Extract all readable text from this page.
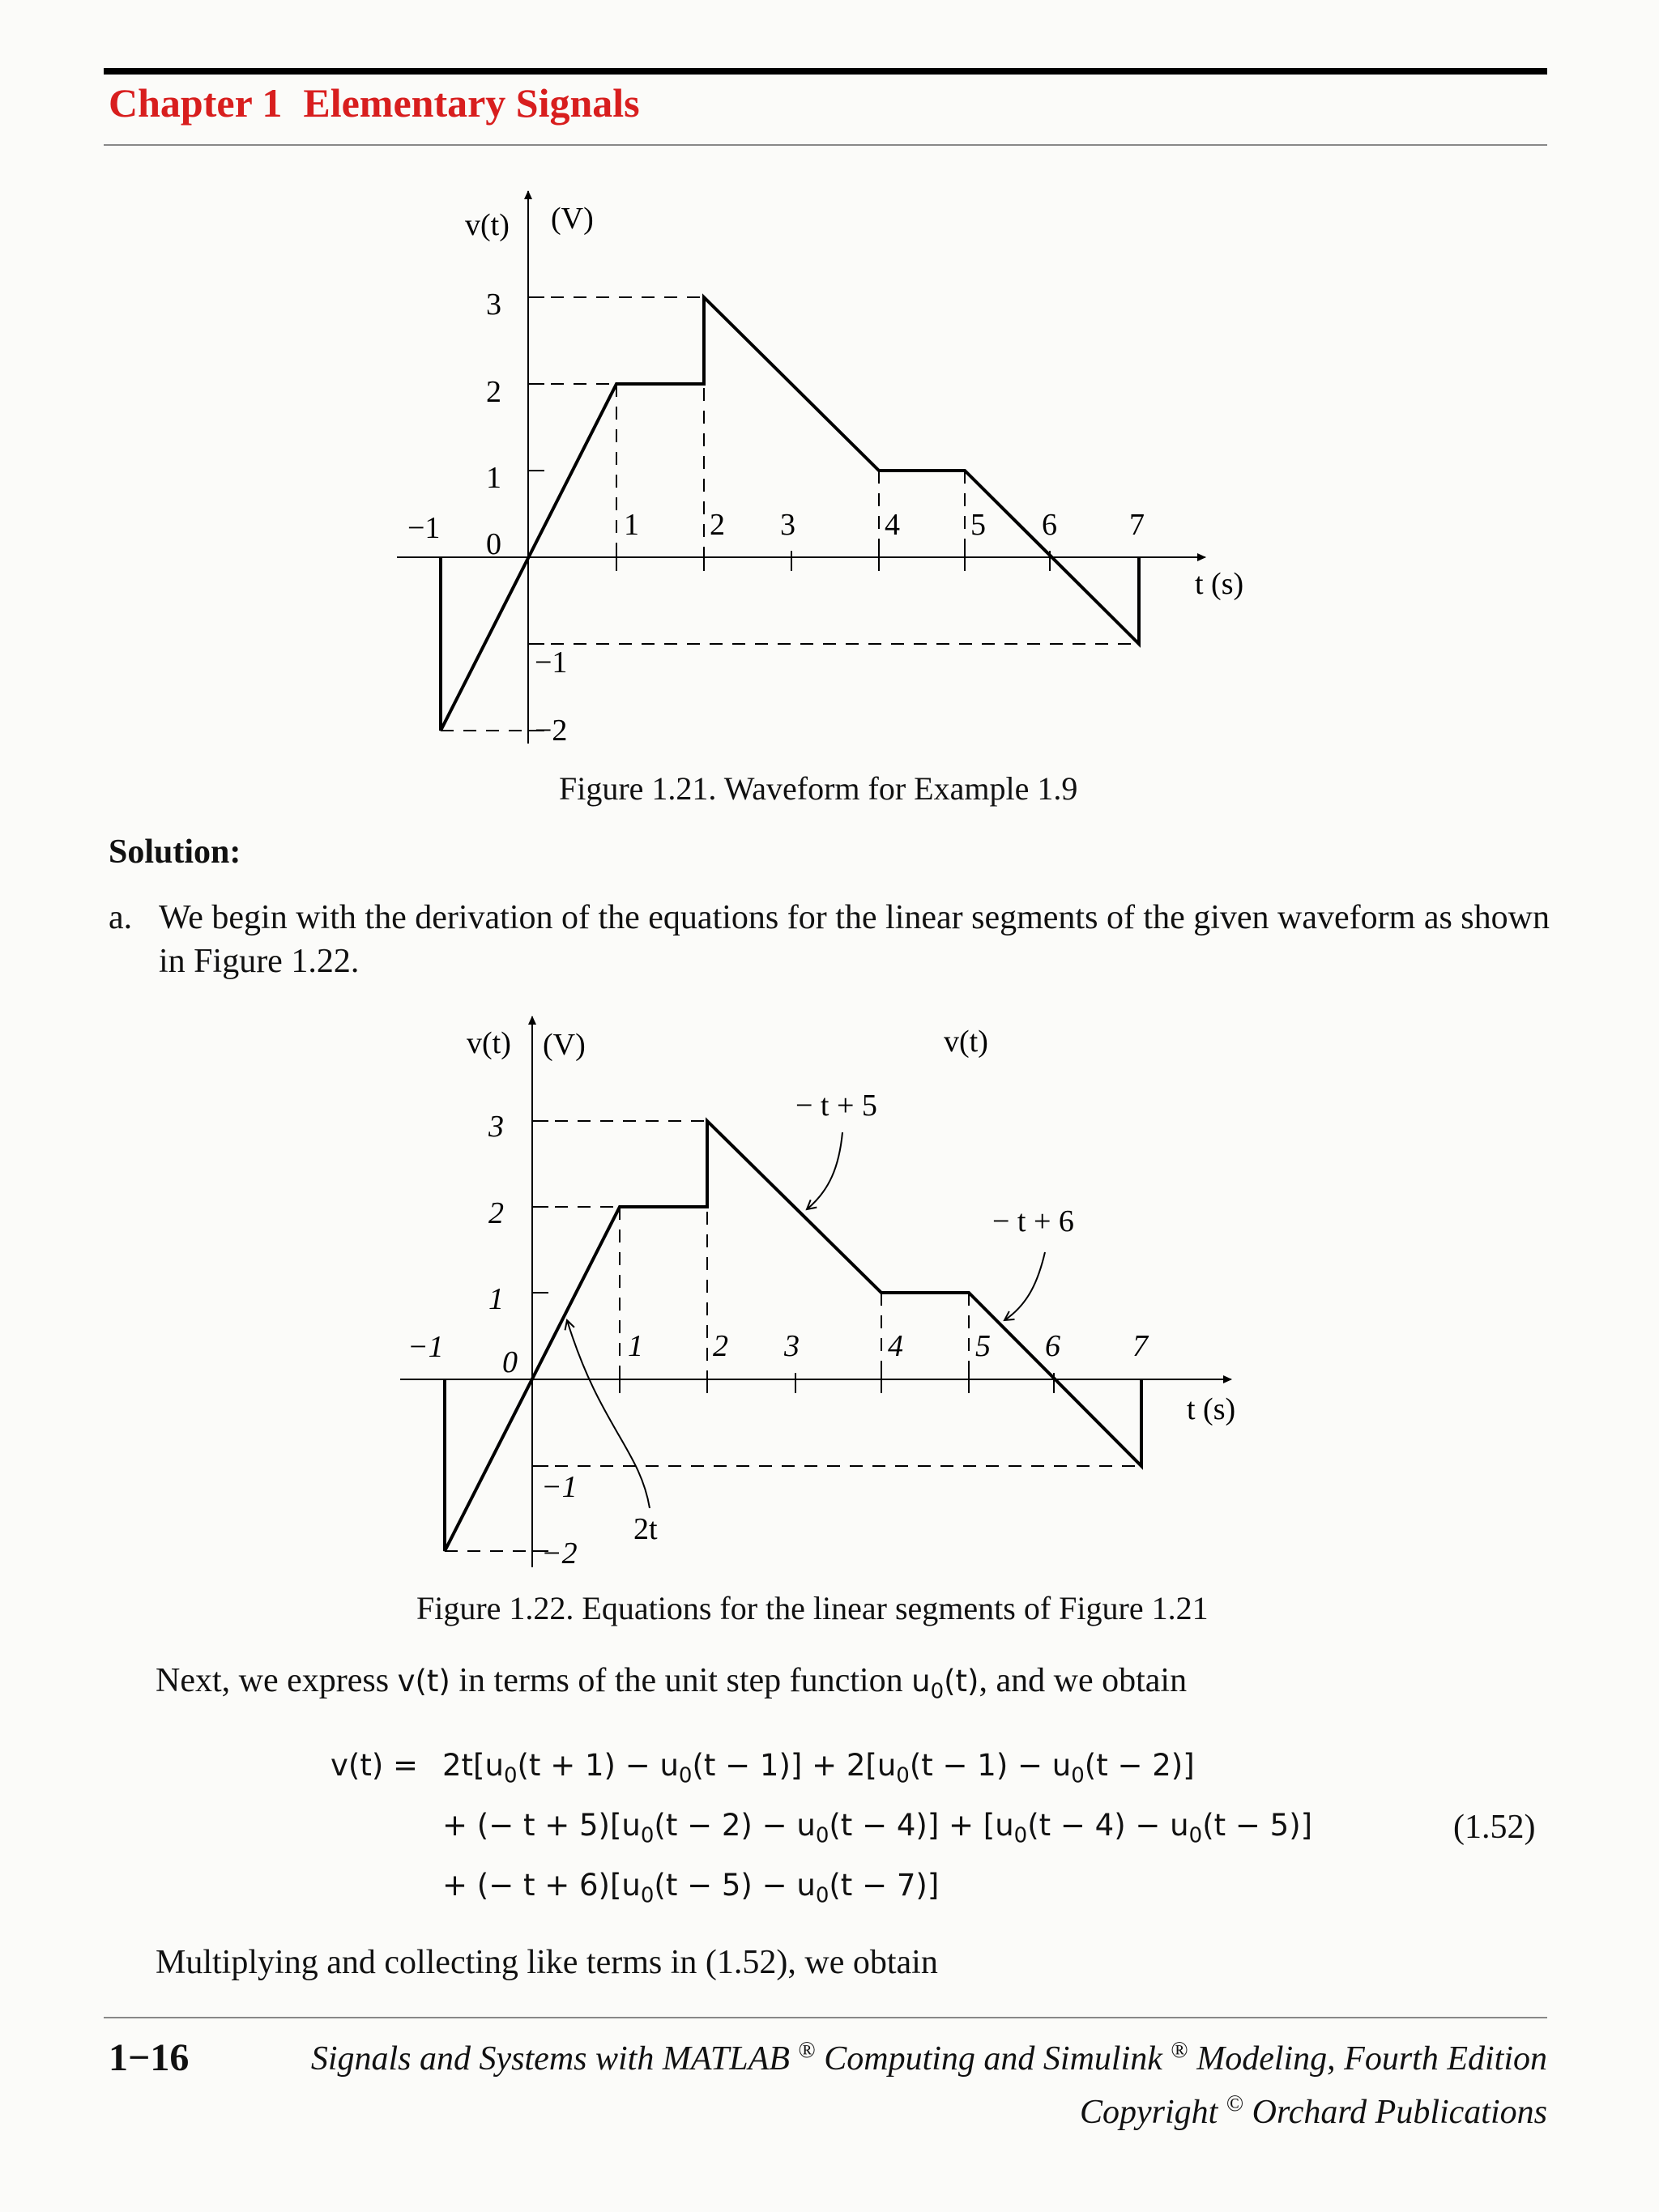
Chapter 1 Elementary Signals
v(t) (V)
t (s)
3
2
1
0
−1
−2
−1	1 2 3	4 5 6 7
Figure 1.21. Waveform for Example 1.9
Solution:
a. We begin with the derivation of the equations for the linear segments of the given waveform as shown in Figure 1.22.
v(t) (V)	v(t)
t (s)
2t
− t + 5
− t + 6
3
2
1
0
−1
−2
−1	1 2 3	4 5 6 7
Figure 1.22. Equations for the linear segments of Figure 1.21
Next, we express v(t) in terms of the unit step function $u_0(t)$, and we obtain
$v(t) = 2t[u_0(t + 1) - u_0(t - 1)] + 2[u_0(t - 1) - u_0(t - 2)]$
+ (− $t + 5)[u_0(t - 2) - u_0(t - 4)] + [u_0(t - 4) - u_0(t - 5)]$
+ (− $t + 6)[u_0(t - 5) - u_0(t - 7)]$
(1.52)
Multiplying and collecting like terms in (1.52), we obtain
1−16	Signals and Systems with MATLAB ® Computing and Simulink ® Modeling, Fourth Edition
Copyright © Orchard Publications
